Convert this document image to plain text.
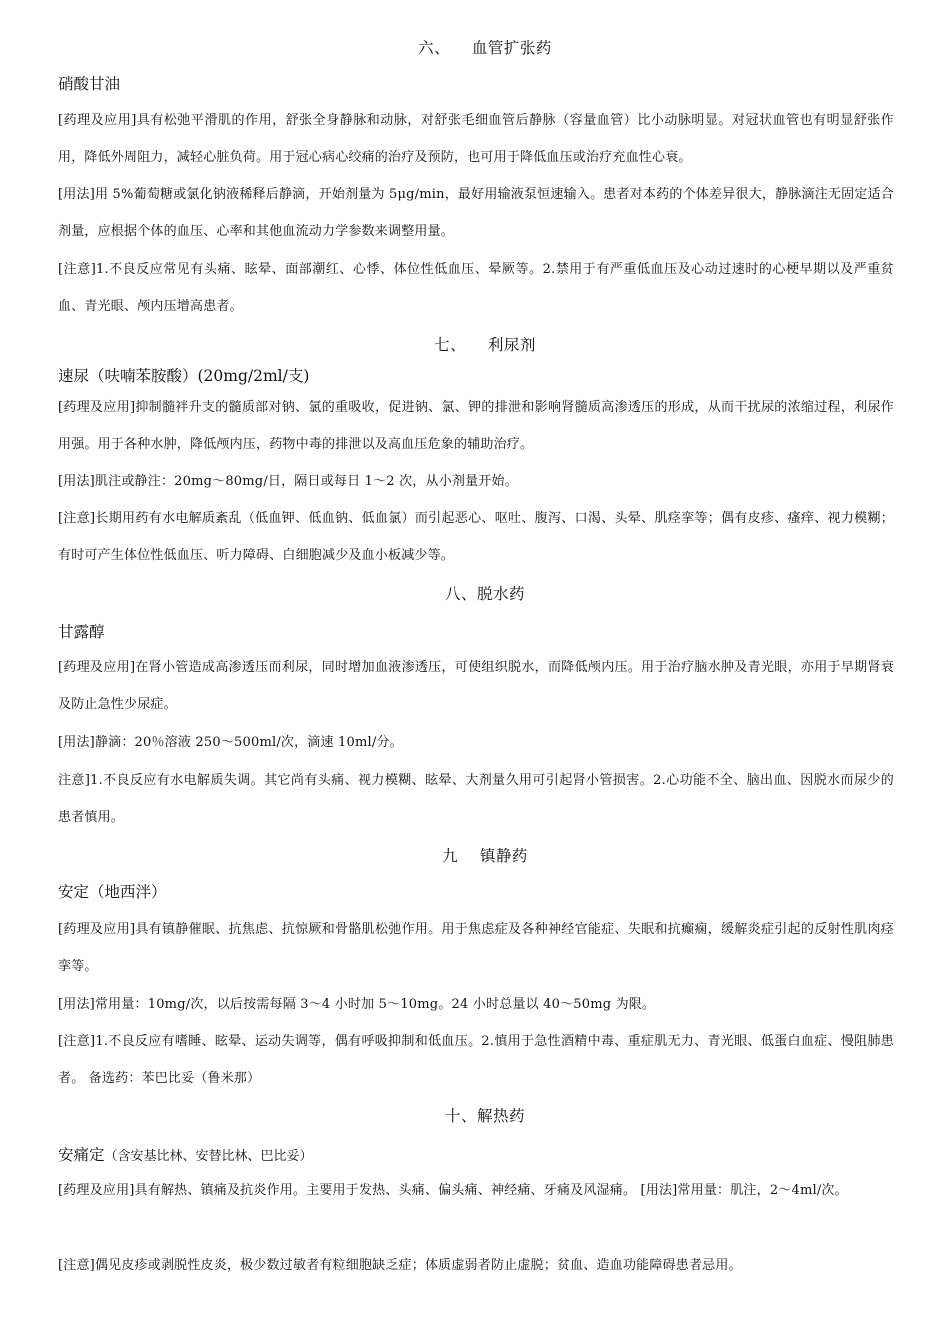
六、    血管扩张药
硝酸甘油
[药理及应用]具有松弛平滑肌的作用，舒张全身静脉和动脉，对舒张毛细血管后静脉（容量血管）比小动脉明显。对冠状血管也有明显舒张作用，降低外周阻力，减轻心脏负荷。用于冠心病心绞痛的治疗及预防，也可用于降低血压或治疗充血性心衰。
[用法]用 5%葡萄糖或氯化钠液稀释后静滴，开始剂量为 5μg/min，最好用输液泵恒速输入。患者对本药的个体差异很大，静脉滴注无固定适合剂量，应根据个体的血压、心率和其他血流动力学参数来调整用量。
[注意]1.不良反应常见有头痛、眩晕、面部潮红、心悸、体位性低血压、晕厥等。2.禁用于有严重低血压及心动过速时的心梗早期以及严重贫血、青光眼、颅内压增高患者。
七、    利尿剂
速尿（呋喃苯胺酸）(20mg/2ml/支)
[药理及应用]抑制髓袢升支的髓质部对钠、氯的重吸收，促进钠、氯、钾的排泄和影响肾髓质高渗透压的形成，从而干扰尿的浓缩过程，利尿作用强。用于各种水肿，降低颅内压，药物中毒的排泄以及高血压危象的辅助治疗。
[用法]肌注或静注：20mg～80mg/日，隔日或每日 1～2 次，从小剂量开始。
[注意]长期用药有水电解质紊乱（低血钾、低血钠、低血氯）而引起恶心、呕吐、腹泻、口渴、头晕、肌痉挛等；偶有皮疹、瘙痒、视力模糊；有时可产生体位性低血压、听力障碍、白细胞减少及血小板减少等。
八、脱水药
甘露醇
[药理及应用]在肾小管造成高渗透压而利尿，同时增加血液渗透压，可使组织脱水，而降低颅内压。用于治疗脑水肿及青光眼，亦用于早期肾衰及防止急性少尿症。
[用法]静滴：20％溶液 250～500ml/次，滴速 10ml/分。
注意]1.不良反应有水电解质失调。其它尚有头痛、视力模糊、眩晕、大剂量久用可引起肾小管损害。2.心功能不全、脑出血、因脱水而尿少的患者慎用。
九    镇静药
安定（地西泮）
[药理及应用]具有镇静催眠、抗焦虑、抗惊厥和骨骼肌松弛作用。用于焦虑症及各种神经官能症、失眠和抗癫痫，缓解炎症引起的反射性肌肉痉挛等。
[用法]常用量：10mg/次，以后按需每隔 3～4 小时加 5～10mg。24 小时总量以 40～50mg 为限。
[注意]1.不良反应有嗜睡、眩晕、运动失调等，偶有呼吸抑制和低血压。2.慎用于急性酒精中毒、重症肌无力、青光眼、低蛋白血症、慢阻肺患者。 备选药：苯巴比妥（鲁米那）
十、解热药
安痛定（含安基比林、安替比林、巴比妥）
[药理及应用]具有解热、镇痛及抗炎作用。主要用于发热、头痛、偏头痛、神经痛、牙痛及风湿痛。 [用法]常用量：肌注，2～4ml/次。
[注意]偶见皮疹或剥脱性皮炎，极少数过敏者有粒细胞缺乏症；体质虚弱者防止虚脱；贫血、造血功能障碍患者忌用。
